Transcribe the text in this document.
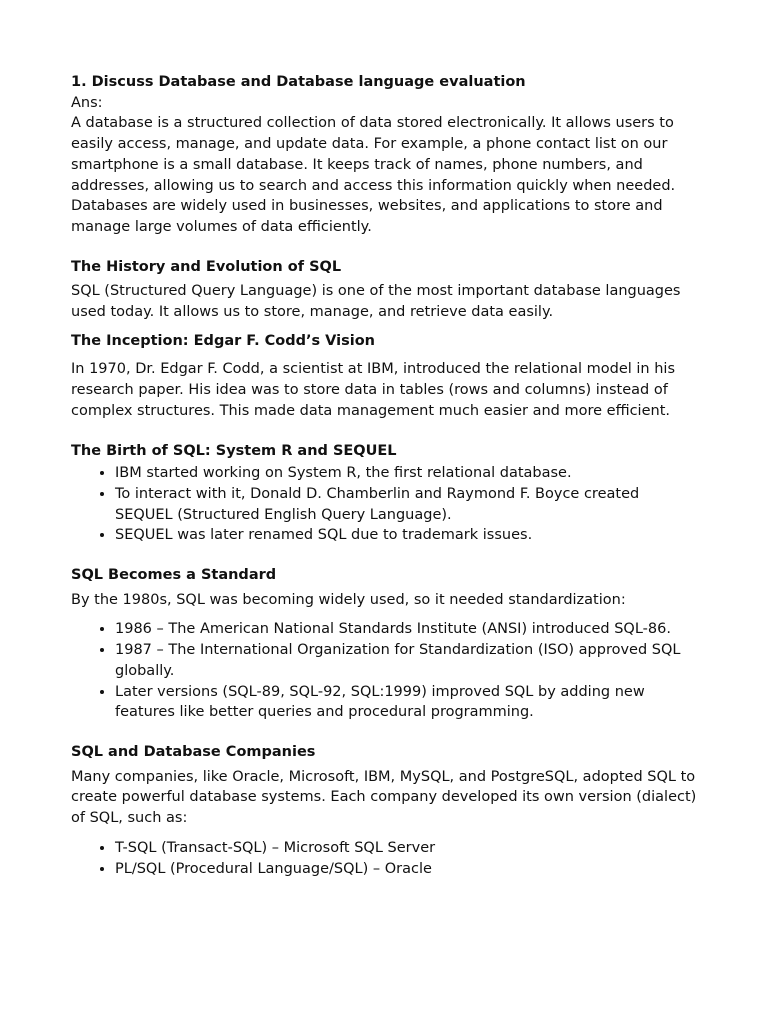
1. Discuss Database and Database language evaluation

Ans:

A database is a structured collection of data stored electronically. It allows users to easily access, manage, and update data. For example, a phone contact list on our smartphone is a small database. It keeps track of names, phone numbers, and addresses, allowing us to search and access this information quickly when needed. Databases are widely used in businesses, websites, and applications to store and manage large volumes of data efficiently.

The History and Evolution of SQL

SQL (Structured Query Language) is one of the most important database languages used today. It allows us to store, manage, and retrieve data easily.

The Inception: Edgar F. Codd’s Vision

In 1970, Dr. Edgar F. Codd, a scientist at IBM, introduced the relational model in his research paper. His idea was to store data in tables (rows and columns) instead of complex structures. This made data management much easier and more efficient.

The Birth of SQL: System R and SEQUEL
• IBM started working on System R, the first relational database.
• To interact with it, Donald D. Chamberlin and Raymond F. Boyce created SEQUEL (Structured English Query Language).
• SEQUEL was later renamed SQL due to trademark issues.
SQL Becomes a Standard

By the 1980s, SQL was becoming widely used, so it needed standardization:

• 1986 – The American National Standards Institute (ANSI) introduced SQL-86.
• 1987 – The International Organization for Standardization (ISO) approved SQL globally.
• Later versions (SQL-89, SQL-92, SQL:1999) improved SQL by adding new features like better queries and procedural programming.
SQL and Database Companies

Many companies, like Oracle, Microsoft, IBM, MySQL, and PostgreSQL, adopted SQL to create powerful database systems. Each company developed its own version (dialect) of SQL, such as:

• T-SQL (Transact-SQL) – Microsoft SQL Server
• PL/SQL (Procedural Language/SQL) – Oracle
